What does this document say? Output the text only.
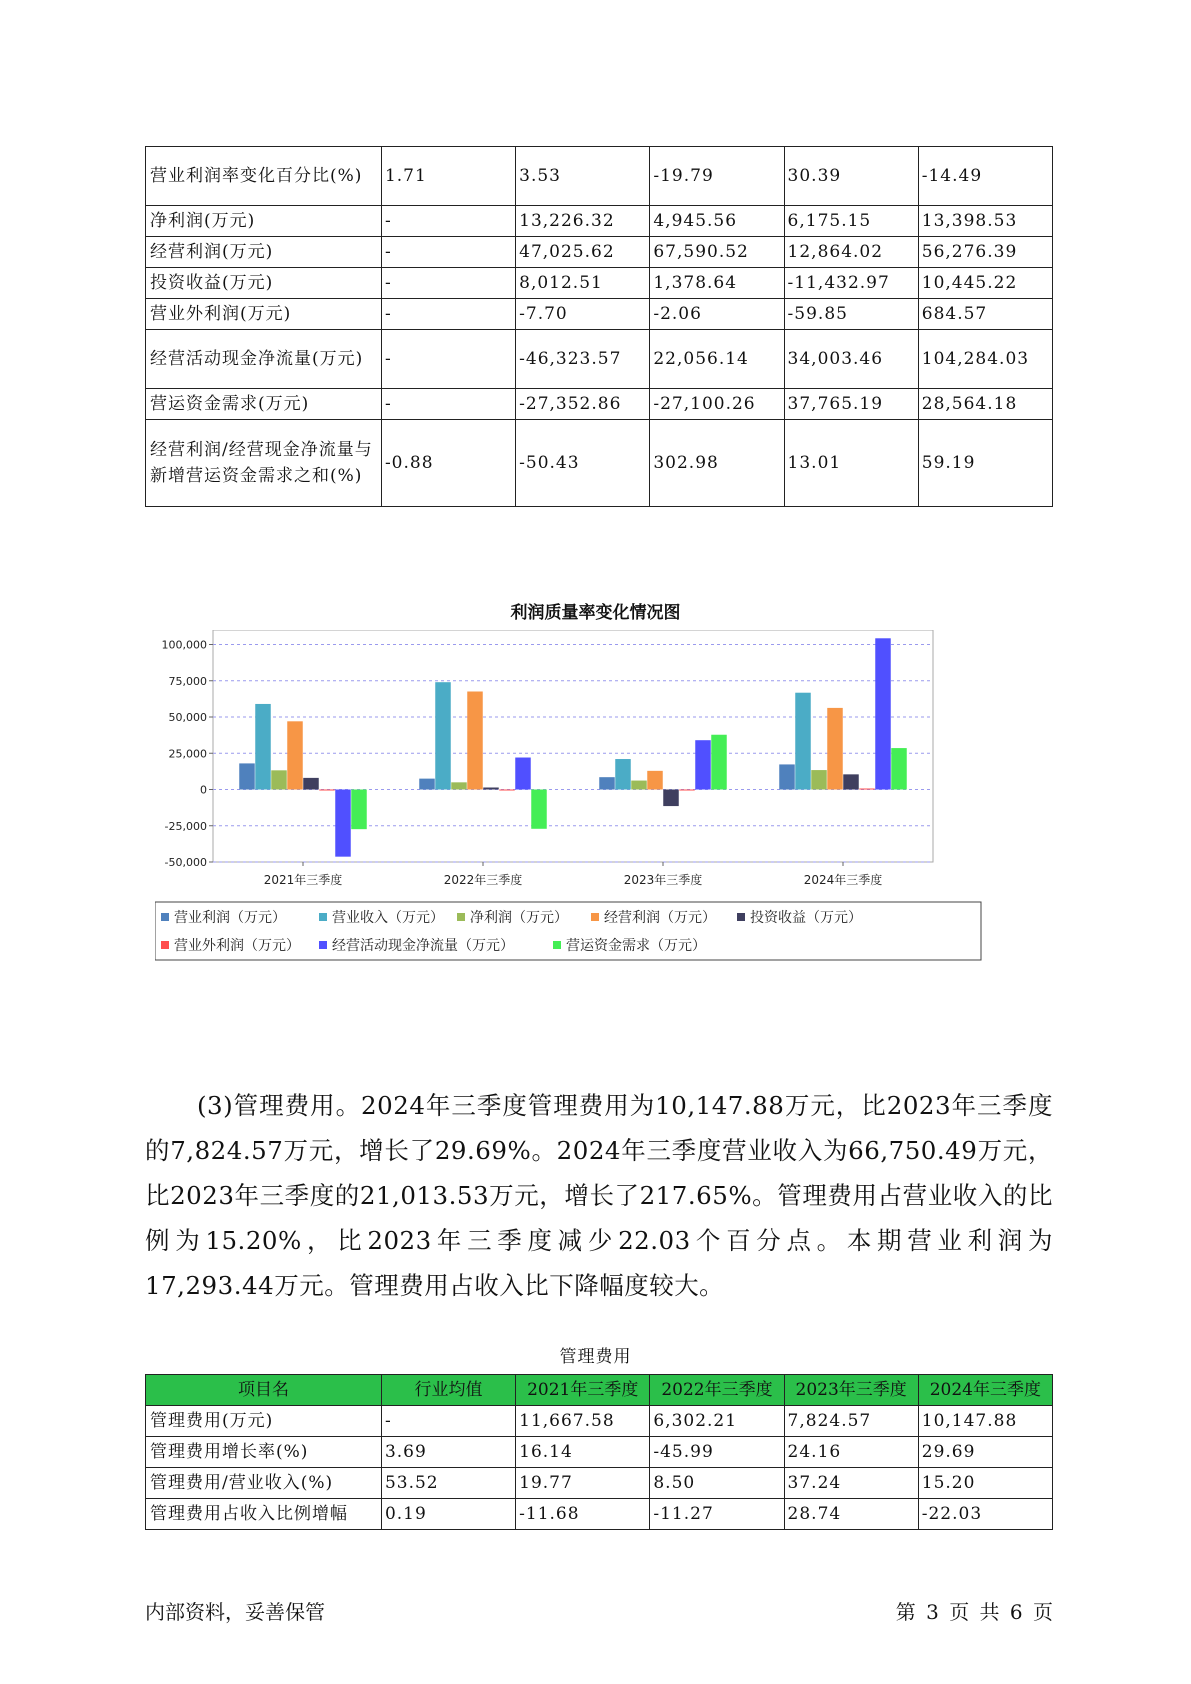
营业利润率变化百分比(%)	1.71	3.53	-19.79	30.39	-14.49
净利润(万元)	-	13,226.32	4,945.56	6,175.15	13,398.53
经营利润(万元)	-	47,025.62	67,590.52	12,864.02	56,276.39
投资收益(万元)	-	8,012.51	1,378.64	-11,432.97	10,445.22
营业外利润(万元)	-	-7.70	-2.06	-59.85	684.57
经营活动现金净流量(万元)	-	-46,323.57	22,056.14	34,003.46	104,284.03
营运资金需求(万元)	-	-27,352.86	-27,100.26	37,765.19	28,564.18
经营利润/经营现金净流量与新增营运资金需求之和(%)	-0.88	-50.43	302.98	13.01	59.19
利润质量率变化情况图
-50,000
-25,000
0
25,000
50,000
75,000
100,000
2021年三季度	2022年三季度	2023年三季度	2024年三季度
营业利润（万元）	营业收入（万元） 净利润（万元）	经营利润（万元） 投资收益（万元）
营业外利润（万元） 经营活动现金净流量（万元）	营运资金需求（万元）

(3)管理费用。2024年三季度管理费用为10,147.88万元，比2023年三季度的7,824.57万元，增长了29.69%。2024年三季度营业收入为66,750.49万元，比2023年三季度的21,013.53万元，增长了217.65%。管理费用占营业收入的比例为15.20%，比2023年三季度减少22.03个百分点。本期营业利润为17,293.44万元。管理费用占收入比下降幅度较大。

管理费用
项目名	行业均值	2021年三季度	2022年三季度	2023年三季度	2024年三季度
管理费用(万元)	-	11,667.58	6,302.21	7,824.57	10,147.88
管理费用增长率(%)	3.69	16.14	-45.99	24.16	29.69
管理费用/营业收入(%)	53.52	19.77	8.50	37.24	15.20
管理费用占收入比例增幅	0.19	-11.68	-11.27	28.74	-22.03
内部资料，妥善保管	第 3 页 共 6 页
